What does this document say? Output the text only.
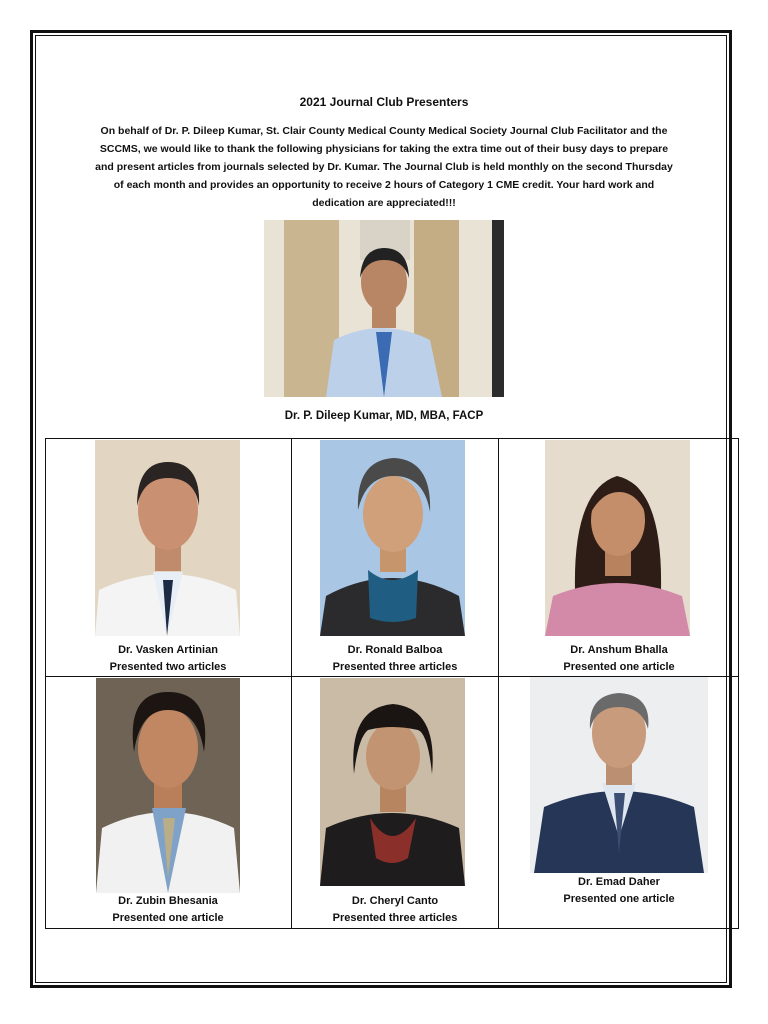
2021 Journal Club Presenters
On behalf of Dr. P. Dileep Kumar, St. Clair County Medical County Medical Society Journal Club Facilitator and the SCCMS, we would like to thank the following physicians for taking the extra time out of their busy days to prepare and present articles from journals selected by Dr. Kumar. The Journal Club is held monthly on the second Thursday of each month and provides an opportunity to receive 2 hours of Category 1 CME credit. Your hard work and dedication are appreciated!!!
Dr. P. Dileep Kumar, MD, MBA, FACP
Dr. Vasken Artinian
Presented two articles
Dr. Ronald Balboa
Presented three articles
Dr. Anshum Bhalla
Presented one article
Dr. Zubin Bhesania
Presented one article
Dr. Cheryl Canto
Presented three articles
Dr. Emad Daher
Presented one article
